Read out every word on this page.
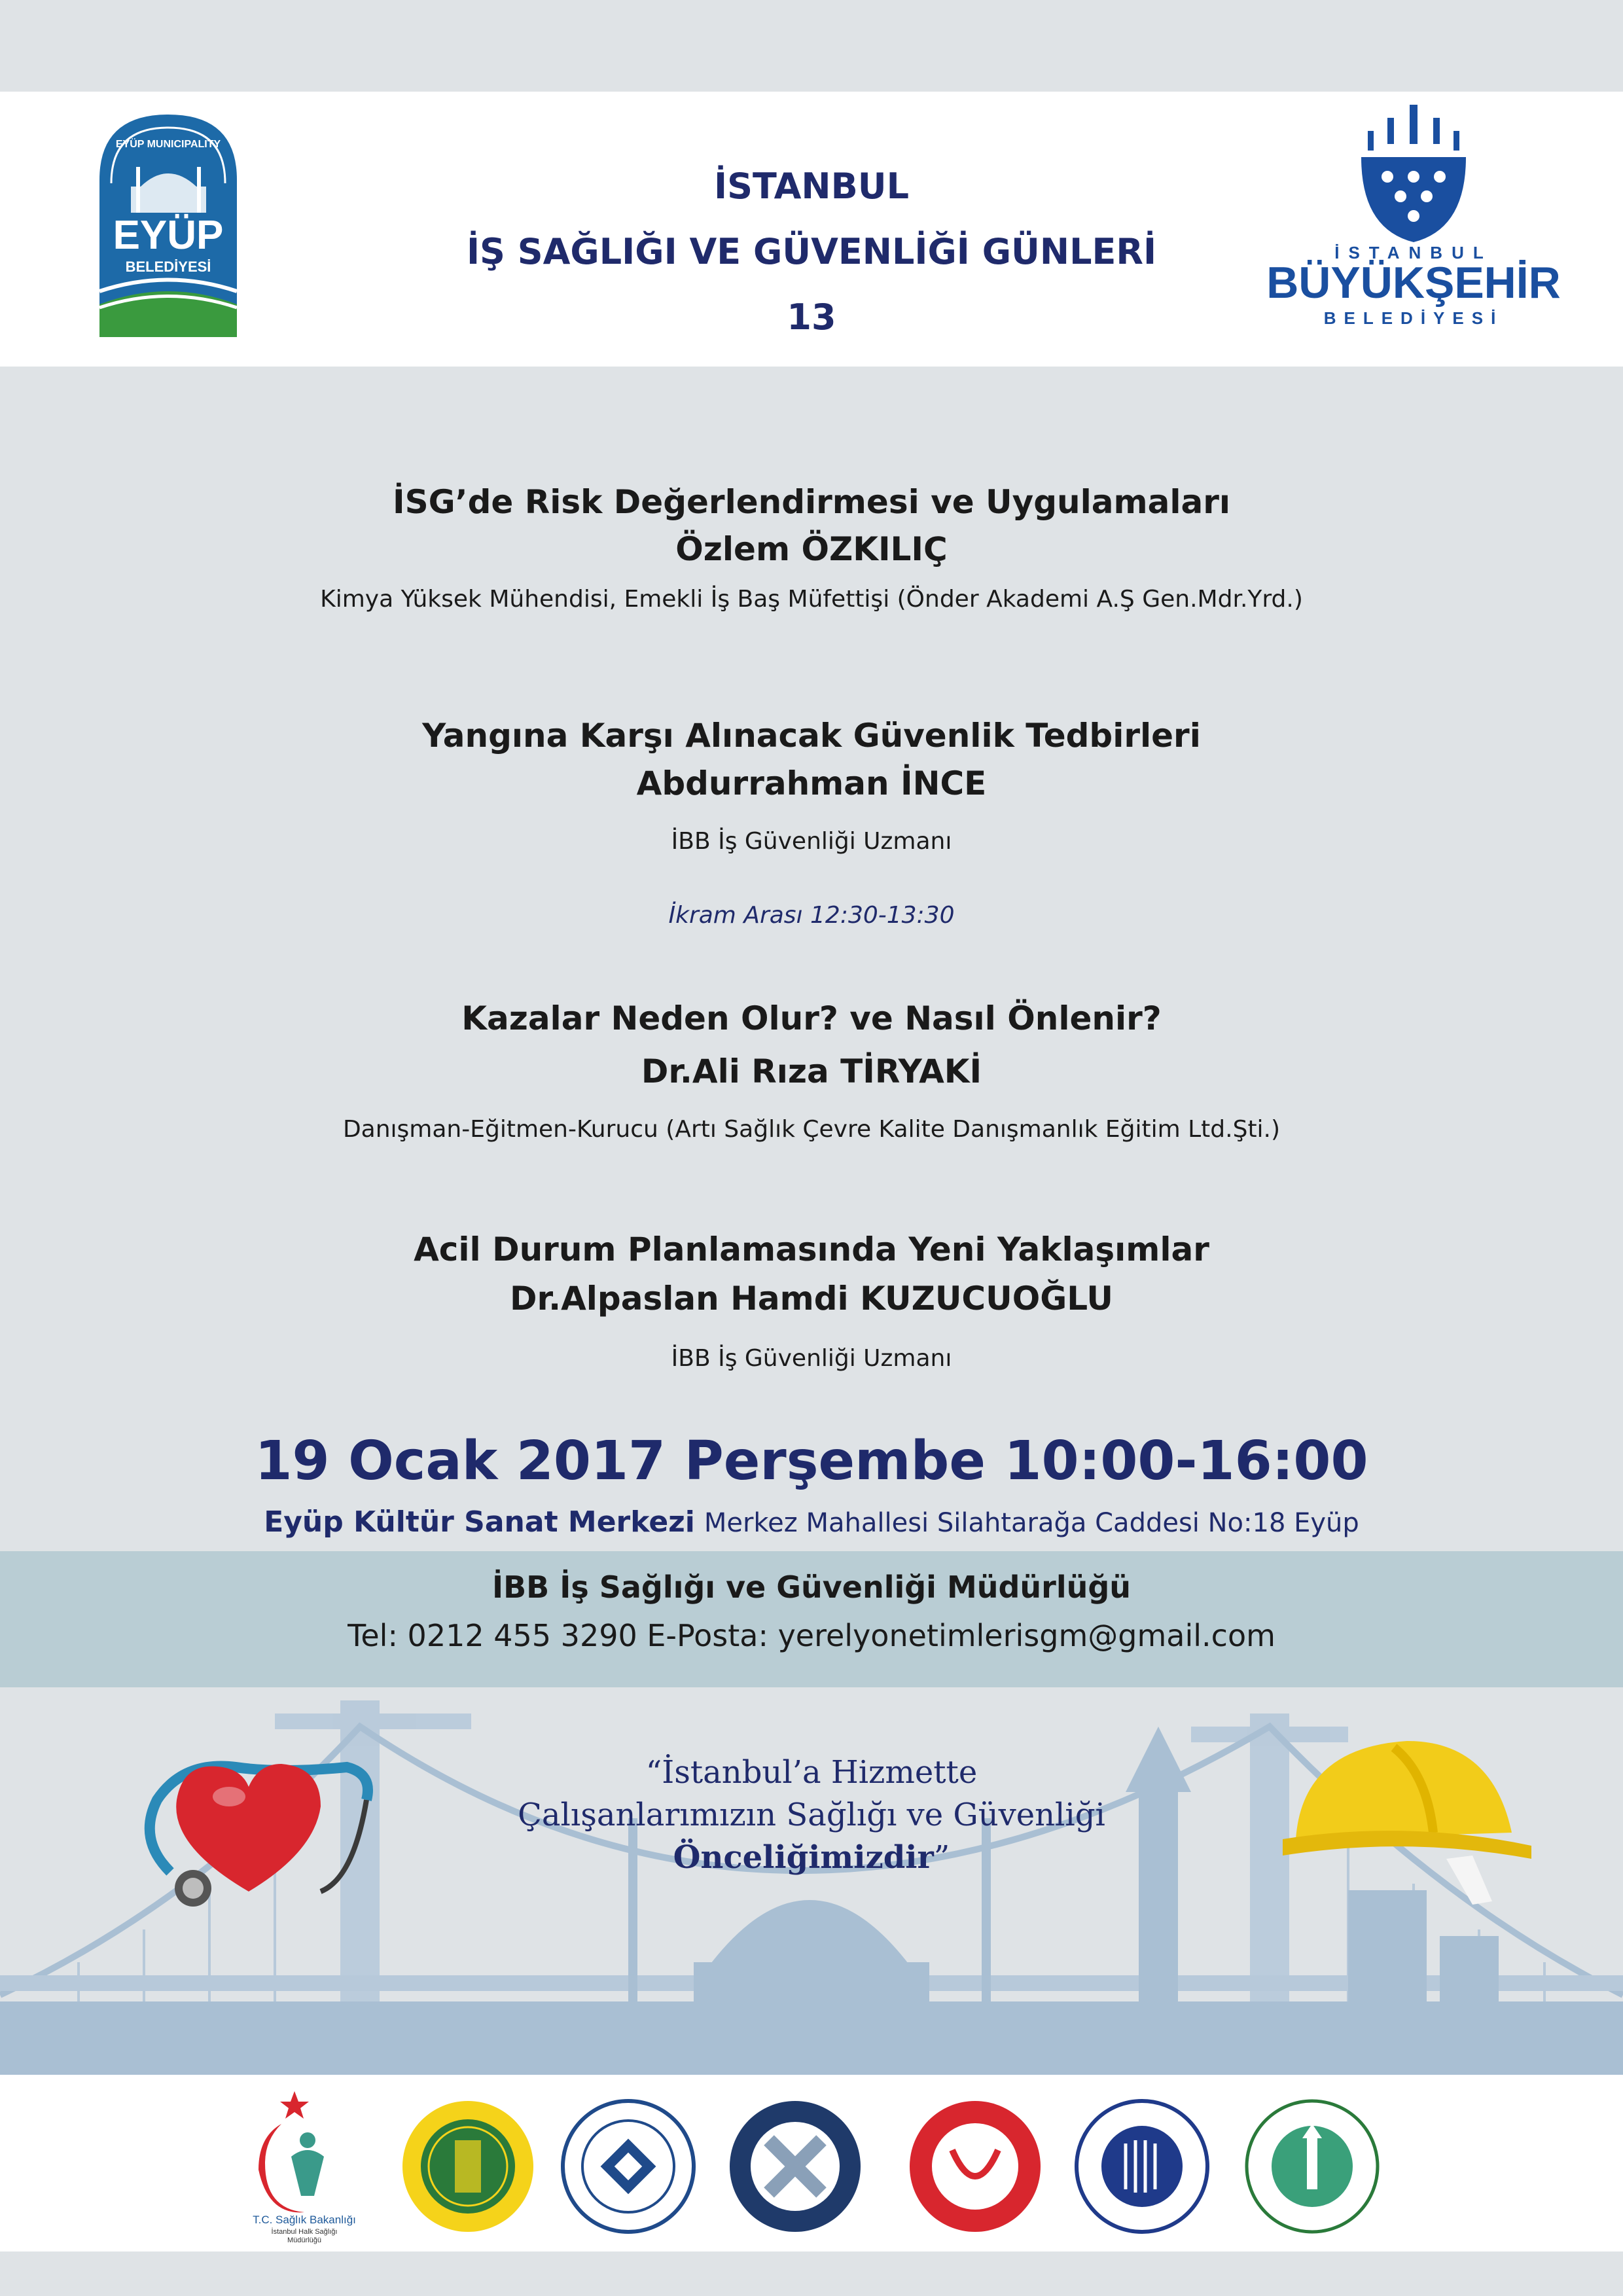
EYÜP MUNICIPALITY
EYÜP
BELEDİYESİ
İSTANBUL
İŞ SAĞLIĞI VE GÜVENLİĞİ GÜNLERİ
13
İSTANBUL
BÜYÜKŞEHİR
BELEDİYESİ
İSG’de Risk Değerlendirmesi ve Uygulamaları
Özlem ÖZKILIÇ
Kimya Yüksek Mühendisi, Emekli İş Baş Müfettişi (Önder Akademi A.Ş Gen.Mdr.Yrd.)
Yangına Karşı Alınacak Güvenlik Tedbirleri
Abdurrahman İNCE
İBB İş Güvenliği Uzmanı
İkram Arası 12:30-13:30
Kazalar Neden Olur? ve Nasıl Önlenir?
Dr.Ali Rıza TİRYAKİ
Danışman-Eğitmen-Kurucu (Artı Sağlık Çevre Kalite Danışmanlık Eğitim Ltd.Şti.)
Acil Durum Planlamasında Yeni Yaklaşımlar
Dr.Alpaslan Hamdi KUZUCUOĞLU
İBB İş Güvenliği Uzmanı
19 Ocak 2017 Perşembe 10:00-16:00
Eyüp Kültür Sanat Merkezi Merkez Mahallesi Silahtarağa Caddesi No:18 Eyüp
İBB İş Sağlığı ve Güvenliği Müdürlüğü
Tel: 0212 455 3290 E-Posta: yerelyonetimlerisgm@gmail.com
“İstanbul’a Hizmette
Çalışanlarımızın Sağlığı ve Güvenliği
Önceliğimizdir”
T.C. Sağlık Bakanlığı
İstanbul Halk Sağlığı
Müdürlüğü
